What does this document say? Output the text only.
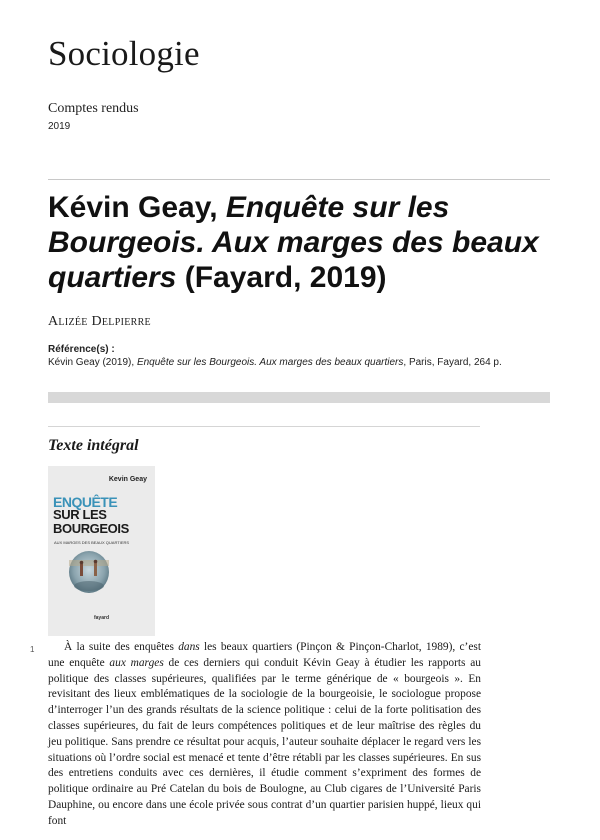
Sociologie
Comptes rendus
2019
Kévin Geay, Enquête sur les Bourgeois. Aux marges des beaux quartiers (Fayard, 2019)
Alizée Delpierre
Référence(s) :
Kévin Geay (2019), Enquête sur les Bourgeois. Aux marges des beaux quartiers, Paris, Fayard, 264 p.
Texte intégral
Kevin Geay
ENQUÊTE
SUR LES
BOURGEOIS
AUX MARGES DES BEAUX QUARTIERS
fayard
1	À la suite des enquêtes dans les beaux quartiers (Pinçon & Pinçon-Charlot, 1989), c’est une enquête aux marges de ces derniers qui conduit Kévin Geay à étudier les rapports au politique des classes supérieures, qualifiées par le terme générique de « bourgeois ». En revisitant des lieux emblématiques de la sociologie de la bourgeoisie, le sociologue propose d’interroger l’un des grands résultats de la science politique : celui de la forte politisation des classes supérieures, du fait de leurs compétences politiques et de leur maîtrise des règles du jeu politique. Sans prendre ce résultat pour acquis, l’auteur souhaite déplacer le regard vers les situations où l’ordre social est menacé et tente d’être rétabli par les classes supérieures. En sus des entretiens conduits avec ces dernières, il étudie comment s’expriment des formes de politique ordinaire au Pré Catelan du bois de Boulogne, au Club cigares de l’Université Paris Dauphine, ou encore dans une école privée sous contrat d’un quartier parisien huppé, lieux qui font
